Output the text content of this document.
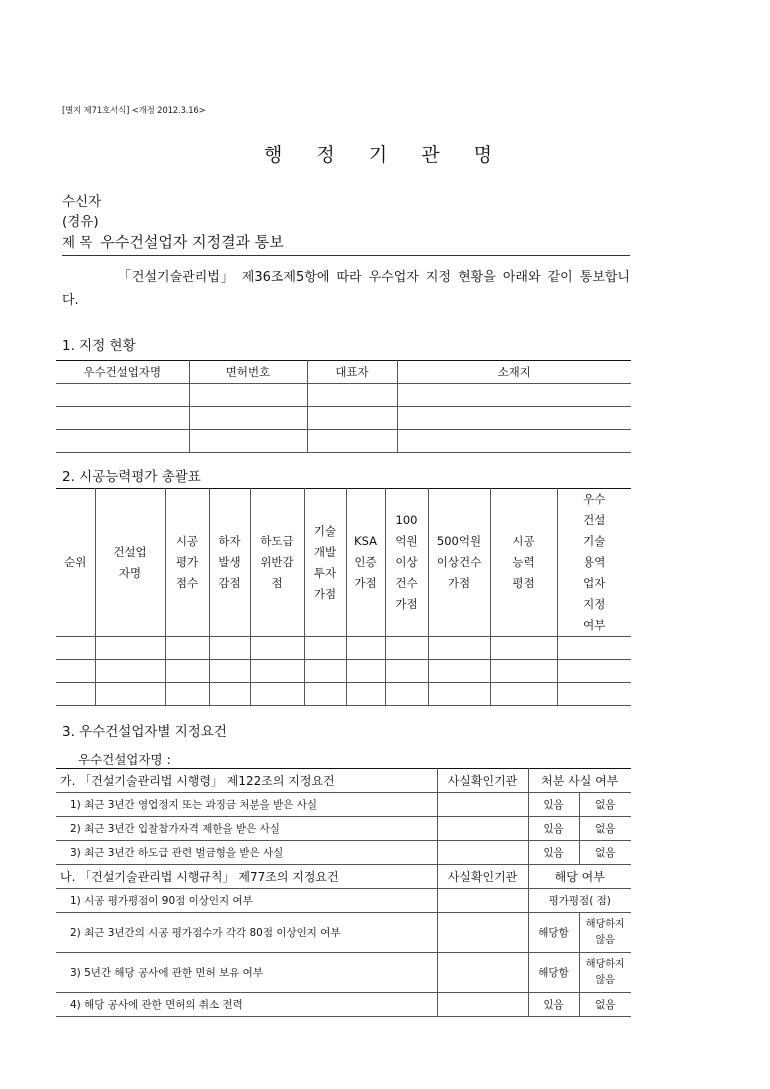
[별지 제71호서식] <개정 2012.3.16>
행 정 기 관 명
수신자
(경유)
제 목 우수건설업자 지정결과 통보
「건설기술관리법」 제36조제5항에 따라 우수업자 지정 현황을 아래와 같이 통보합니다.
1. 지정 현황
우수건설업자명	면허번호	대표자	소재지

2. 시공능력평가 총괄표
순위	건설업자명	시공평가점수	하자발생감점	하도급위반감점	기술개발투자가점	KSA인증가점	100억원이상건수가점	500억원이상건수가점	시공능력평점	우수건설기술용역업자지정여부

3. 우수건설업자별 지정요건
우수건설업자명 :
가. 「건설기술관리법 시행령」 제122조의 지정요건	사실확인기관	처분 사실 여부	
1) 최근 3년간 영업정지 또는 과징금 처분을 받은 사실		있음	없음
2) 최근 3년간 입찰참가자격 제한을 받은 사실		있음	없음
3) 최근 3년간 하도급 관련 벌금형을 받은 사실		있음	없음
나. 「건설기술관리법 시행규칙」 제77조의 지정요건	사실확인기관	해당 여부	
1) 시공 평가평점이 90점 이상인지 여부		평가평점( 점)	
2) 최근 3년간의 시공 평가점수가 각각 80점 이상인지 여부		해당함	해당하지 않음
3) 5년간 해당 공사에 관한 면허 보유 여부		해당함	해당하지 않음
4) 해당 공사에 관한 면허의 취소 전력		있음	없음
